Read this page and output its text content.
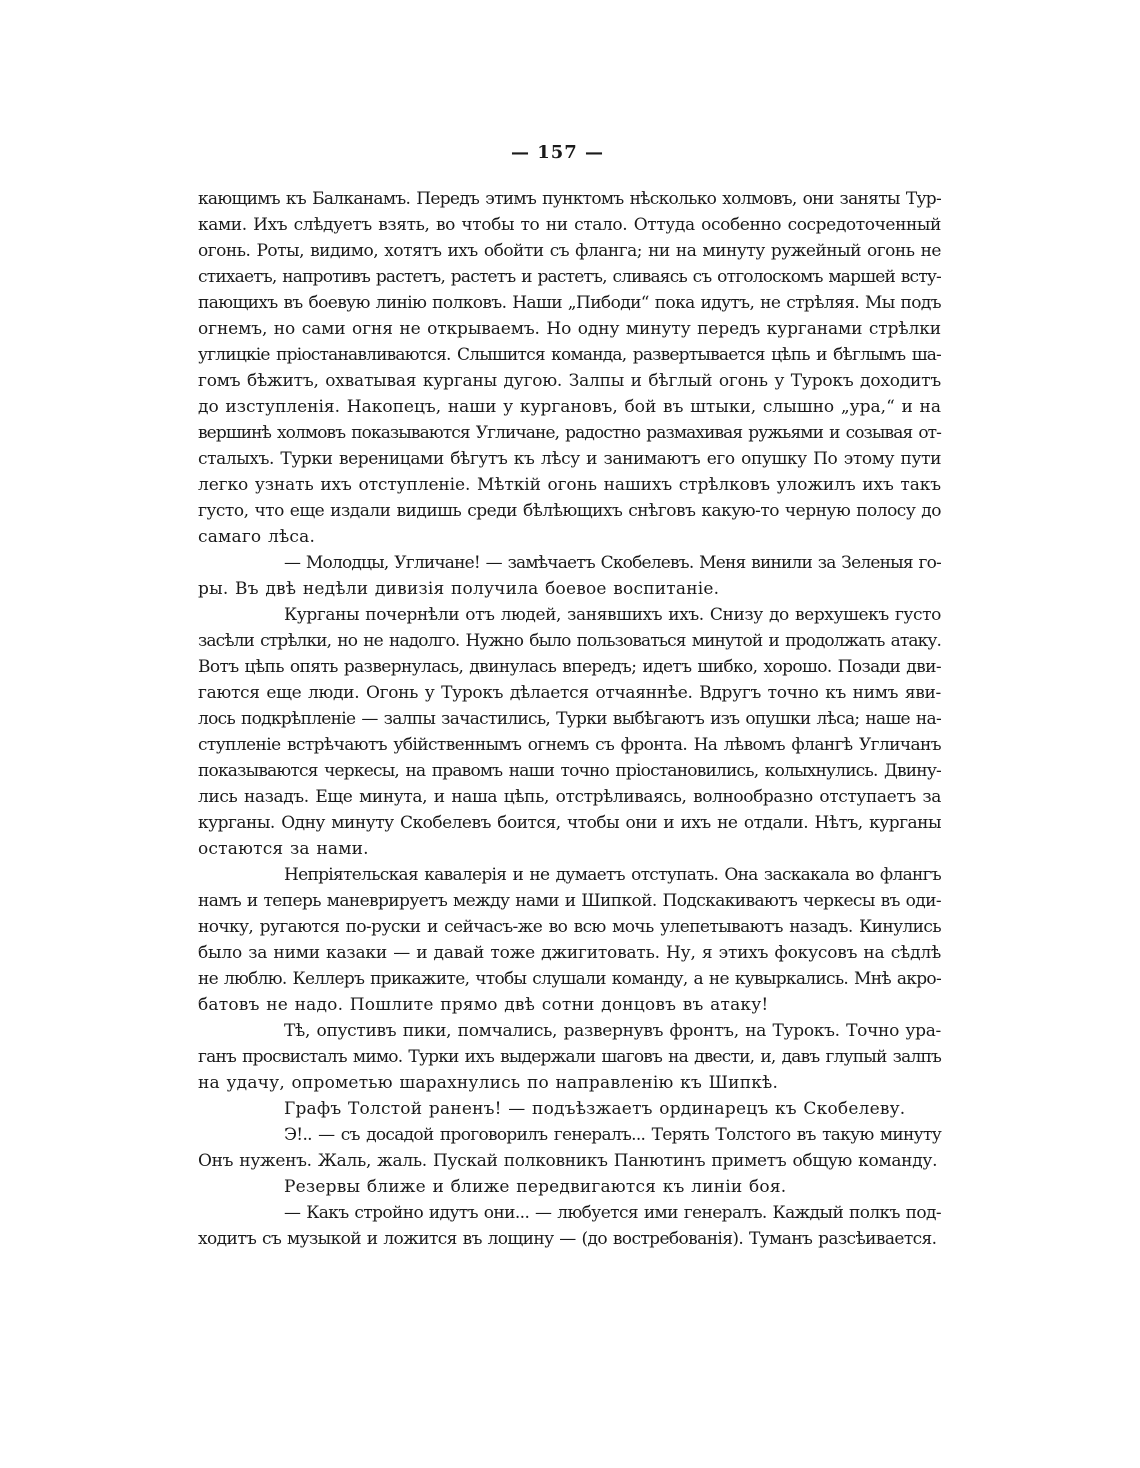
— 157 —
кающимъ къ Балканамъ. Передъ этимъ пунктомъ нѣсколько холмовъ, они заняты Тур-
ками. Ихъ слѣдуетъ взять, во чтобы то ни стало. Оттуда особенно сосредоточенный
огонь. Роты, видимо, хотятъ ихъ обойти съ фланга; ни на минуту ружейный огонь не
стихаетъ, напротивъ растетъ, растетъ и растетъ, сливаясь съ отголоскомъ маршей всту-
пающихъ въ боевую линію полковъ. Наши „Пибоди“ пока идутъ, не стрѣляя. Мы подъ
огнемъ, но сами огня не открываемъ. Но одну минуту передъ курганами стрѣлки
углицкіе пріостанавливаются. Слышится команда, развертывается цѣпь и бѣглымъ ша-
гомъ бѣжитъ, охватывая курганы дугою. Залпы и бѣглый огонь у Турокъ доходитъ
до изступленія. Накопецъ, наши у кургановъ, бой въ штыки, слышно „ура,“ и на
вершинѣ холмовъ показываются Угличане, радостно размахивая ружьями и созывая от-
сталыхъ. Турки вереницами бѣгутъ къ лѣсу и занимаютъ его опушку По этому пути
легко узнать ихъ отступленіе. Мѣткій огонь нашихъ стрѣлковъ уложилъ ихъ такъ
густо, что еще издали видишь среди бѣлѣющихъ снѣговъ какую-то черную полосу до
самаго лѣса.
— Молодцы, Угличане! — замѣчаетъ Скобелевъ. Меня винили за Зеленыя го-
ры. Въ двѣ недѣли дивизія получила боевое воспитаніе.
Курганы почернѣли отъ людей, занявшихъ ихъ. Снизу до верхушекъ густо
засѣли стрѣлки, но не надолго. Нужно было пользоваться минутой и продолжать атаку.
Вотъ цѣпь опять развернулась, двинулась впередъ; идетъ шибко, хорошо. Позади дви-
гаются еще люди. Огонь у Турокъ дѣлается отчаяннѣе. Вдругъ точно къ нимъ яви-
лось подкрѣпленіе — залпы зачастились, Турки выбѣгаютъ изъ опушки лѣса; наше на-
ступленіе встрѣчаютъ убійственнымъ огнемъ съ фронта. На лѣвомъ флангѣ Угличанъ
показываются черкесы, на правомъ наши точно пріостановились, колыхнулись. Двину-
лись назадъ. Еще минута, и наша цѣпь, отстрѣливаясь, волнообразно отступаетъ за
курганы. Одну минуту Скобелевъ боится, чтобы они и ихъ не отдали. Нѣтъ, курганы
остаются за нами.
Непріятельская кавалерія и не думаетъ отступать. Она заскакала во флангъ
намъ и теперь маневрируетъ между нами и Шипкой. Подскакиваютъ черкесы въ оди-
ночку, ругаются по-руски и сейчасъ-же во всю мочь улепетываютъ назадъ. Кинулись
было за ними казаки — и давай тоже джигитовать. Ну, я этихъ фокусовъ на сѣдлѣ
не люблю. Келлеръ прикажите, чтобы слушали команду, а не кувыркались. Мнѣ акро-
батовъ не надо. Пошлите прямо двѣ сотни донцовъ въ атаку!
Тѣ, опустивъ пики, помчались, развернувъ фронтъ, на Турокъ. Точно ура-
ганъ просвисталъ мимо. Турки ихъ выдержали шаговъ на двести, и, давъ глупый залпъ
на удачу, опрометью шарахнулись по направленію къ Шипкѣ.
Графъ Толстой раненъ! — подъѣзжаетъ ординарецъ къ Скобелеву.
Э!.. — съ досадой проговорилъ генералъ... Терять Толстого въ такую минуту
Онъ нуженъ. Жаль, жаль. Пускай полковникъ Панютинъ приметъ общую команду.
Резервы ближе и ближе передвигаются къ линіи боя.
— Какъ стройно идутъ они... — любуется ими генералъ. Каждый полкъ под-
ходитъ съ музыкой и ложится въ лощину — (до востребованія). Туманъ разсѣивается.
